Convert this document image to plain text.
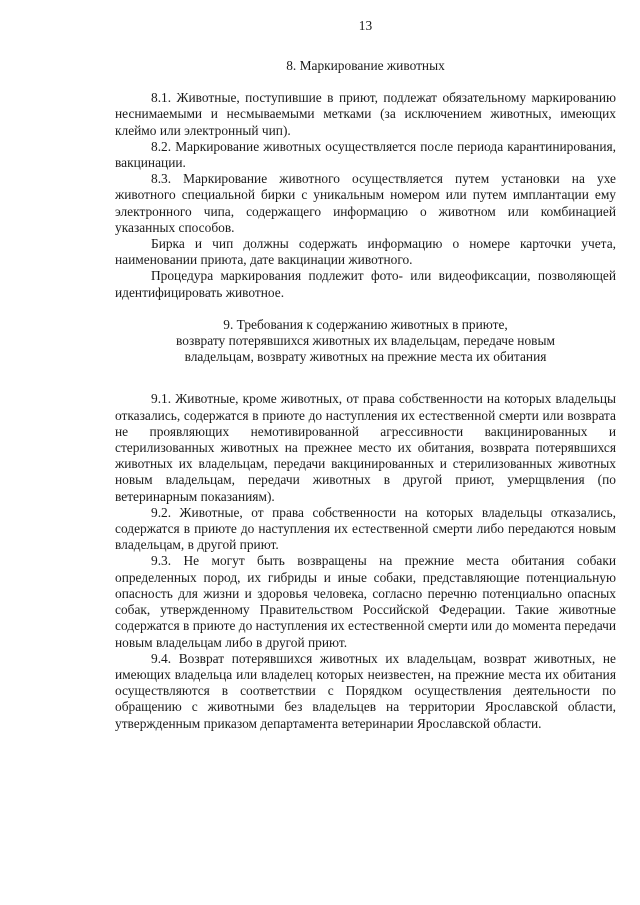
13
8. Маркирование животных

8.1. Животные, поступившие в приют, подлежат обязательному маркированию неснимаемыми и несмываемыми метками (за исключением животных, имеющих клеймо или электронный чип).

8.2. Маркирование животных осуществляется после периода карантинирования, вакцинации.

8.3. Маркирование животного осуществляется путем установки на ухе животного специальной бирки с уникальным номером или путем имплантации ему электронного чипа, содержащего информацию о животном или комбинацией указанных способов.

Бирка и чип должны содержать информацию о номере карточки учета, наименовании приюта, дате вакцинации животного.

Процедура маркирования подлежит фото- или видеофиксации, позволяющей идентифицировать животное.

9. Требования к содержанию животных в приюте,
возврату потерявшихся животных их владельцам, передаче новым
владельцам, возврату животных на прежние места их обитания

9.1. Животные, кроме животных, от права собственности на которых владельцы отказались, содержатся в приюте до наступления их естественной смерти или возврата не проявляющих немотивированной агрессивности вакцинированных и стерилизованных животных на прежнее место их обитания, возврата потерявшихся животных их владельцам, передачи вакцинированных и стерилизованных животных новым владельцам, передачи животных в другой приют, умерщвления (по ветеринарным показаниям).

9.2. Животные, от права собственности на которых владельцы отказались, содержатся в приюте до наступления их естественной смерти либо передаются новым владельцам, в другой приют.

9.3. Не могут быть возвращены на прежние места обитания собаки определенных пород, их гибриды и иные собаки, представляющие потенциальную опасность для жизни и здоровья человека, согласно перечню потенциально опасных собак, утвержденному Правительством Российской Федерации. Такие животные содержатся в приюте до наступления их естественной смерти или до момента передачи новым владельцам либо в другой приют.

9.4. Возврат потерявшихся животных их владельцам, возврат животных, не имеющих владельца или владелец которых неизвестен, на прежние места их обитания осуществляются в соответствии с Порядком осуществления деятельности по обращению с животными без владельцев на территории Ярославской области, утвержденным приказом департамента ветеринарии Ярославской области.
